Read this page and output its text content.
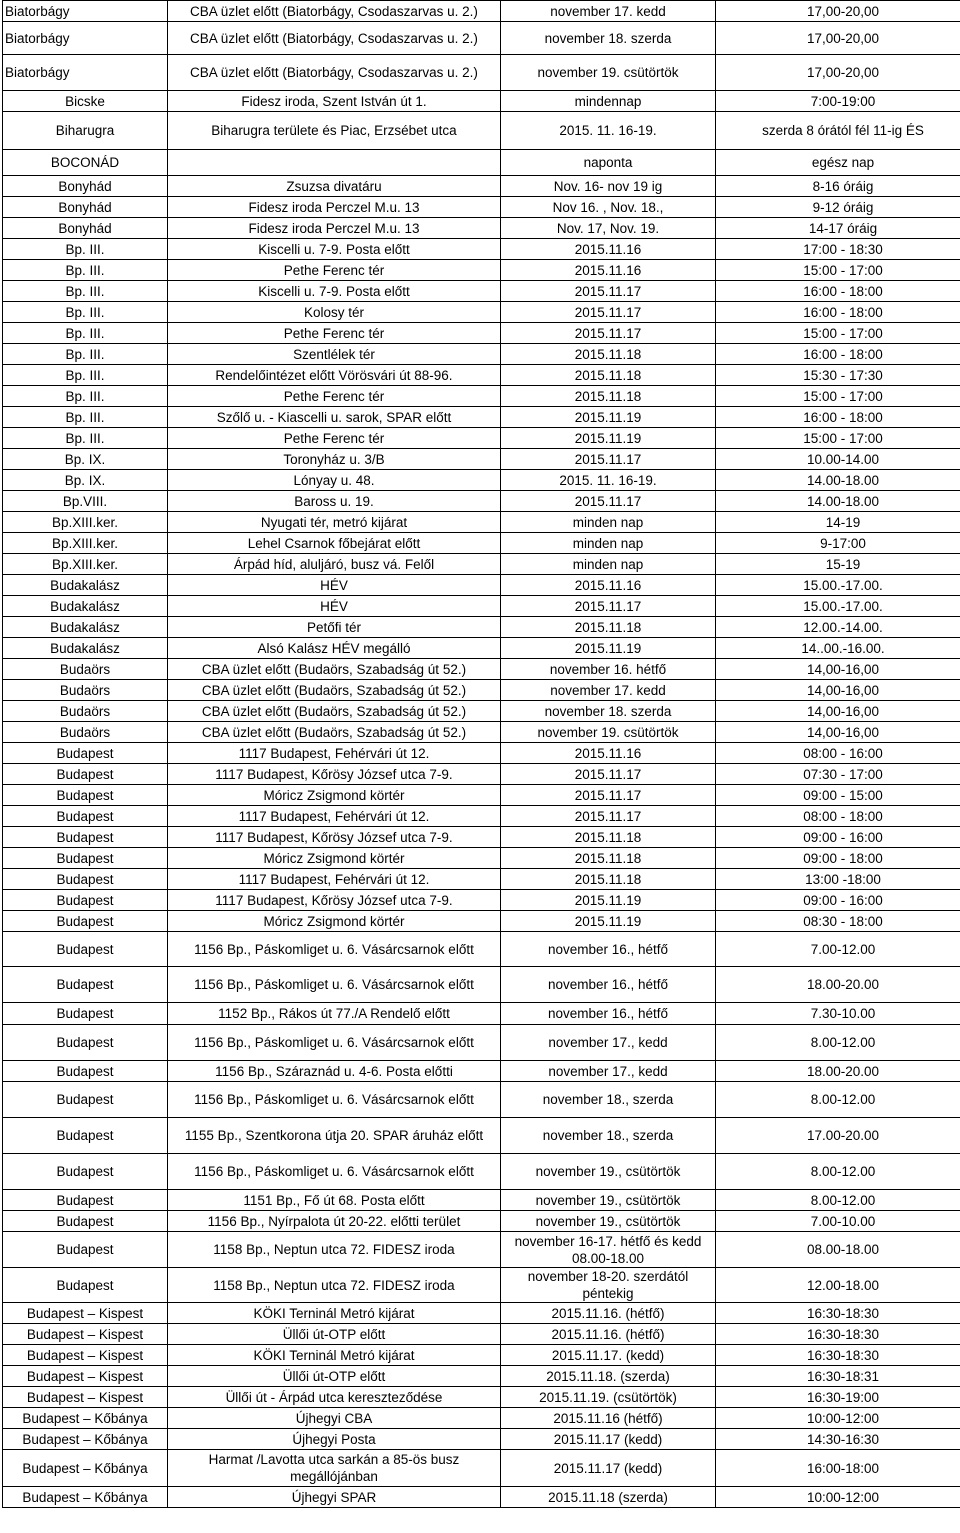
Biatorbágy	CBA üzlet előtt (Biatorbágy, Csodaszarvas u. 2.)	november 17. kedd	17,00-20,00
Biatorbágy	CBA üzlet előtt (Biatorbágy, Csodaszarvas u. 2.)	november 18. szerda	17,00-20,00
Biatorbágy	CBA üzlet előtt (Biatorbágy, Csodaszarvas u. 2.)	november 19. csütörtök	17,00-20,00
Bicske	Fidesz iroda, Szent István út 1.	mindennap	7:00-19:00
Biharugra	Biharugra területe és Piac, Erzsébet utca	2015. 11. 16-19.	szerda 8 órától fél 11-ig ÉS
BOCONÁD		naponta	egész nap
Bonyhád	Zsuzsa divatáru	Nov. 16- nov 19 ig	8-16 óráig
Bonyhád	Fidesz iroda Perczel M.u. 13	Nov 16. , Nov. 18.,	9-12 óráig
Bonyhád	Fidesz iroda Perczel M.u. 13	Nov. 17, Nov. 19.	14-17 óráig
Bp. III.	Kiscelli u. 7-9. Posta előtt	2015.11.16	17:00 - 18:30
Bp. III.	Pethe Ferenc tér	2015.11.16	15:00 - 17:00
Bp. III.	Kiscelli u. 7-9. Posta előtt	2015.11.17	16:00 - 18:00
Bp. III.	Kolosy tér	2015.11.17	16:00 - 18:00
Bp. III.	Pethe Ferenc tér	2015.11.17	15:00 - 17:00
Bp. III.	Szentlélek tér	2015.11.18	16:00 - 18:00
Bp. III.	Rendelőintézet előtt Vörösvári út 88-96.	2015.11.18	15:30 - 17:30
Bp. III.	Pethe Ferenc tér	2015.11.18	15:00 - 17:00
Bp. III.	Szőlő u. - Kiascelli u. sarok, SPAR előtt	2015.11.19	16:00 - 18:00
Bp. III.	Pethe Ferenc tér	2015.11.19	15:00 - 17:00
Bp. IX.	Toronyház u. 3/B	2015.11.17	10.00-14.00
Bp. IX.	Lónyay u. 48.	2015. 11. 16-19.	14.00-18.00
Bp.VIII.	Baross u. 19.	2015.11.17	14.00-18.00
Bp.XIII.ker.	Nyugati tér, metró kijárat	minden nap	14-19
Bp.XIII.ker.	Lehel Csarnok főbejárat előtt	minden nap	9-17:00
Bp.XIII.ker.	Árpád híd, aluljáró, busz vá. Felől	minden nap	15-19
Budakalász	HÉV	2015.11.16	15.00.-17.00.
Budakalász	HÉV	2015.11.17	15.00.-17.00.
Budakalász	Petőfi tér	2015.11.18	12.00.-14.00.
Budakalász	Alsó Kalász HÉV megálló	2015.11.19	14..00.-16.00.
Budaörs	CBA üzlet előtt (Budaörs, Szabadság út 52.)	november 16. hétfő	14,00-16,00
Budaörs	CBA üzlet előtt (Budaörs, Szabadság út 52.)	november 17. kedd	14,00-16,00
Budaörs	CBA üzlet előtt (Budaörs, Szabadság út 52.)	november 18. szerda	14,00-16,00
Budaörs	CBA üzlet előtt (Budaörs, Szabadság út 52.)	november 19. csütörtök	14,00-16,00
Budapest	1117 Budapest, Fehérvári út 12.	2015.11.16	08:00 - 16:00
Budapest	1117 Budapest, Kőrösy József utca 7-9.	2015.11.17	07:30 - 17:00
Budapest	Móricz Zsigmond körtér	2015.11.17	09:00 - 15:00
Budapest	1117 Budapest, Fehérvári út 12.	2015.11.17	08:00 - 18:00
Budapest	1117 Budapest, Kőrösy József utca 7-9.	2015.11.18	09:00 - 16:00
Budapest	Móricz Zsigmond körtér	2015.11.18	09:00 - 18:00
Budapest	1117 Budapest, Fehérvári út 12.	2015.11.18	13:00 -18:00
Budapest	1117 Budapest, Kőrösy József utca 7-9.	2015.11.19	09:00 - 16:00
Budapest	Móricz Zsigmond körtér	2015.11.19	08:30 - 18:00
Budapest	1156 Bp., Páskomliget u. 6. Vásárcsarnok előtt	november 16., hétfő	7.00-12.00
Budapest	1156 Bp., Páskomliget u. 6. Vásárcsarnok előtt	november 16., hétfő	18.00-20.00
Budapest	1152 Bp., Rákos út 77./A Rendelő előtt	november 16., hétfő	7.30-10.00
Budapest	1156 Bp., Páskomliget u. 6. Vásárcsarnok előtt	november 17., kedd	8.00-12.00
Budapest	1156 Bp., Száraznád u. 4-6. Posta előtti	november 17., kedd	18.00-20.00
Budapest	1156 Bp., Páskomliget u. 6. Vásárcsarnok előtt	november 18., szerda	8.00-12.00
Budapest	1155 Bp., Szentkorona útja 20. SPAR áruház előtt	november 18., szerda	17.00-20.00
Budapest	1156 Bp., Páskomliget u. 6. Vásárcsarnok előtt	november 19., csütörtök	8.00-12.00
Budapest	1151 Bp., Fő út 68. Posta előtt	november 19., csütörtök	8.00-12.00
Budapest	1156 Bp., Nyírpalota út 20-22. előtti terület	november 19., csütörtök	7.00-10.00
Budapest	1158 Bp., Neptun utca 72. FIDESZ iroda	november 16-17. hétfő és kedd 08.00-18.00	08.00-18.00
Budapest	1158 Bp., Neptun utca 72. FIDESZ iroda	november 18-20. szerdától péntekig	12.00-18.00
Budapest – Kispest	KÖKI Terninál Metró kijárat	2015.11.16. (hétfő)	16:30-18:30
Budapest – Kispest	Üllői út-OTP előtt	2015.11.16. (hétfő)	16:30-18:30
Budapest – Kispest	KÖKI Terninál Metró kijárat	2015.11.17. (kedd)	16:30-18:30
Budapest – Kispest	Üllői út-OTP előtt	2015.11.18. (szerda)	16:30-18:31
Budapest – Kispest	Üllői út - Árpád utca kereszteződése	2015.11.19. (csütörtök)	16:30-19:00
Budapest – Kőbánya	Újhegyi CBA	2015.11.16 (hétfő)	10:00-12:00
Budapest – Kőbánya	Újhegyi Posta	2015.11.17 (kedd)	14:30-16:30
Budapest – Kőbánya	Harmat /Lavotta utca sarkán a 85-ös busz megállójánban	2015.11.17 (kedd)	16:00-18:00
Budapest – Kőbánya	Újhegyi SPAR	2015.11.18 (szerda)	10:00-12:00
